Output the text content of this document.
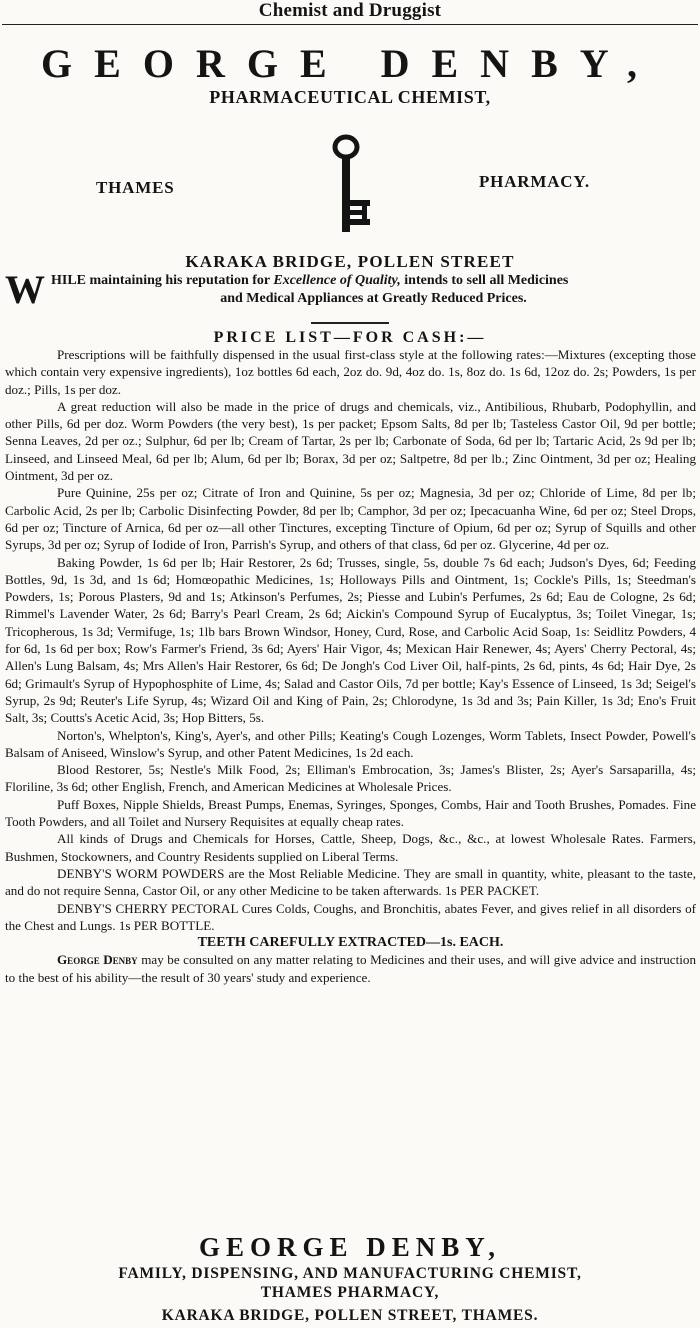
Chemist and Druggist
GEORGE DENBY,
PHARMACEUTICAL CHEMIST,
THAMES	PHARMACY.
KARAKA BRIDGE, POLLEN STREET
W HILE maintaining his reputation for Excellence of Quality, intends to sell all Medicines
and Medical Appliances at Greatly Reduced Prices.
PRICE LIST—FOR CASH:—

Prescriptions will be faithfully dispensed in the usual first-class style at the following rates:—Mixtures (excepting those which contain very expensive ingredients), 1oz bottles 6d each, 2oz do. 9d, 4oz do. 1s, 8oz do. 1s 6d, 12oz do. 2s; Powders, 1s per doz.; Pills, 1s per doz.

A great reduction will also be made in the price of drugs and chemicals, viz., Antibilious, Rhubarb, Podophyllin, and other Pills, 6d per doz. Worm Powders (the very best), 1s per packet; Epsom Salts, 8d per lb; Tasteless Castor Oil, 9d per bottle; Senna Leaves, 2d per oz.; Sulphur, 6d per lb; Cream of Tartar, 2s per lb; Carbonate of Soda, 6d per lb; Tartaric Acid, 2s 9d per lb; Linseed, and Linseed Meal, 6d per lb; Alum, 6d per lb; Borax, 3d per oz; Saltpetre, 8d per lb.; Zinc Ointment, 3d per oz; Healing Ointment, 3d per oz.

Pure Quinine, 25s per oz; Citrate of Iron and Quinine, 5s per oz; Magnesia, 3d per oz; Chloride of Lime, 8d per lb; Carbolic Acid, 2s per lb; Carbolic Disinfecting Powder, 8d per lb; Camphor, 3d per oz; Ipecacuanha Wine, 6d per oz; Steel Drops, 6d per oz; Tincture of Arnica, 6d per oz—all other Tinctures, excepting Tincture of Opium, 6d per oz; Syrup of Squills and other Syrups, 3d per oz; Syrup of Iodide of Iron, Parrish's Syrup, and others of that class, 6d per oz. Glycerine, 4d per oz.

Baking Powder, 1s 6d per lb; Hair Restorer, 2s 6d; Trusses, single, 5s, double 7s 6d each; Judson's Dyes, 6d; Feeding Bottles, 9d, 1s 3d, and 1s 6d; Homœopathic Medicines, 1s; Holloways Pills and Ointment, 1s; Cockle's Pills, 1s; Steedman's Powders, 1s; Porous Plasters, 9d and 1s; Atkinson's Perfumes, 2s; Piesse and Lubin's Perfumes, 2s 6d; Eau de Cologne, 2s 6d; Rimmel's Lavender Water, 2s 6d; Barry's Pearl Cream, 2s 6d; Aickin's Compound Syrup of Eucalyptus, 3s; Toilet Vinegar, 1s; Tricopherous, 1s 3d; Vermifuge, 1s; 1lb bars Brown Windsor, Honey, Curd, Rose, and Carbolic Acid Soap, 1s: Seidlitz Powders, 4 for 6d, 1s 6d per box; Row's Farmer's Friend, 3s 6d; Ayers' Hair Vigor, 4s; Mexican Hair Renewer, 4s; Ayers' Cherry Pectoral, 4s; Allen's Lung Balsam, 4s; Mrs Allen's Hair Restorer, 6s 6d; De Jongh's Cod Liver Oil, half-pints, 2s 6d, pints, 4s 6d; Hair Dye, 2s 6d; Grimault's Syrup of Hypophosphite of Lime, 4s; Salad and Castor Oils, 7d per bottle; Kay's Essence of Linseed, 1s 3d; Seigel's Syrup, 2s 9d; Reuter's Life Syrup, 4s; Wizard Oil and King of Pain, 2s; Chlorodyne, 1s 3d and 3s; Pain Killer, 1s 3d; Eno's Fruit Salt, 3s; Coutts's Acetic Acid, 3s; Hop Bitters, 5s.

Norton's, Whelpton's, King's, Ayer's, and other Pills; Keating's Cough Lozenges, Worm Tablets, Insect Powder, Powell's Balsam of Aniseed, Winslow's Syrup, and other Patent Medicines, 1s 2d each.

Blood Restorer, 5s; Nestle's Milk Food, 2s; Elliman's Embrocation, 3s; James's Blister, 2s; Ayer's Sarsaparilla, 4s; Floriline, 3s 6d; other English, French, and American Medicines at Wholesale Prices.

Puff Boxes, Nipple Shields, Breast Pumps, Enemas, Syringes, Sponges, Combs, Hair and Tooth Brushes, Pomades. Fine Tooth Powders, and all Toilet and Nursery Requisites at equally cheap rates.

All kinds of Drugs and Chemicals for Horses, Cattle, Sheep, Dogs, &c., &c., at lowest Wholesale Rates. Farmers, Bushmen, Stockowners, and Country Residents supplied on Liberal Terms.

DENBY'S WORM POWDERS are the Most Reliable Medicine. They are small in quantity, white, pleasant to the taste, and do not require Senna, Castor Oil, or any other Medicine to be taken afterwards. 1s PER PACKET.

DENBY'S CHERRY PECTORAL Cures Colds, Coughs, and Bronchitis, abates Fever, and gives relief in all disorders of the Chest and Lungs. 1s PER BOTTLE.

TEETH CAREFULLY EXTRACTED—1s. EACH.

George Denby may be consulted on any matter relating to Medicines and their uses, and will give advice and instruction to the best of his ability—the result of 30 years' study and experience.

GEORGE DENBY,
FAMILY, DISPENSING, AND MANUFACTURING CHEMIST,
THAMES PHARMACY,
KARAKA BRIDGE, POLLEN STREET, THAMES.
